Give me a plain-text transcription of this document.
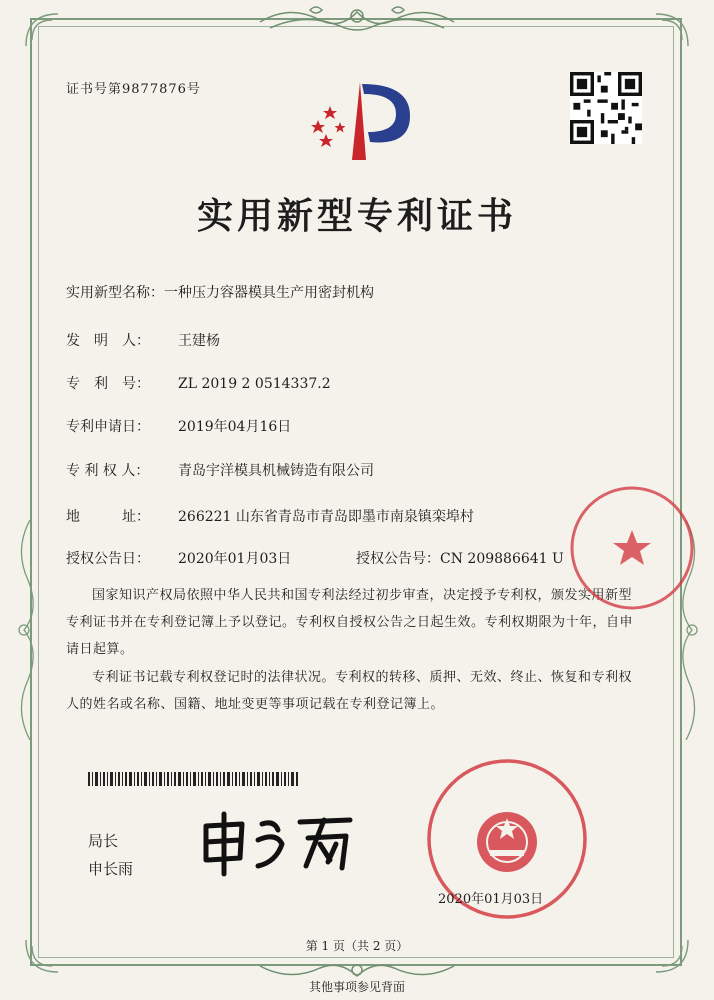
证书号第9877876号
实用新型专利证书
实用新型名称：一种压力容器模具生产用密封机构
发　明　人： 王建杨
专　利　号： ZL 2019 2 0514337.2
专利申请日： 2019年04月16日
专 利 权 人： 青岛宇洋模具机械铸造有限公司
地　　　址： 266221 山东省青岛市青岛即墨市南泉镇栾埠村
授权公告日： 2020年01月03日	授权公告号：CN 209886641 U
国家知识产权局依照中华人民共和国专利法经过初步审查，决定授予专利权，颁发实用新型专利证书并在专利登记簿上予以登记。专利权自授权公告之日起生效。专利权期限为十年，自申请日起算。
专利证书记载专利权登记时的法律状况。专利权的转移、质押、无效、终止、恢复和专利权人的姓名或名称、国籍、地址变更等事项记载在专利登记簿上。
局长
申长雨
2020年01月03日
第 1 页（共 2 页）
其他事项参见背面
